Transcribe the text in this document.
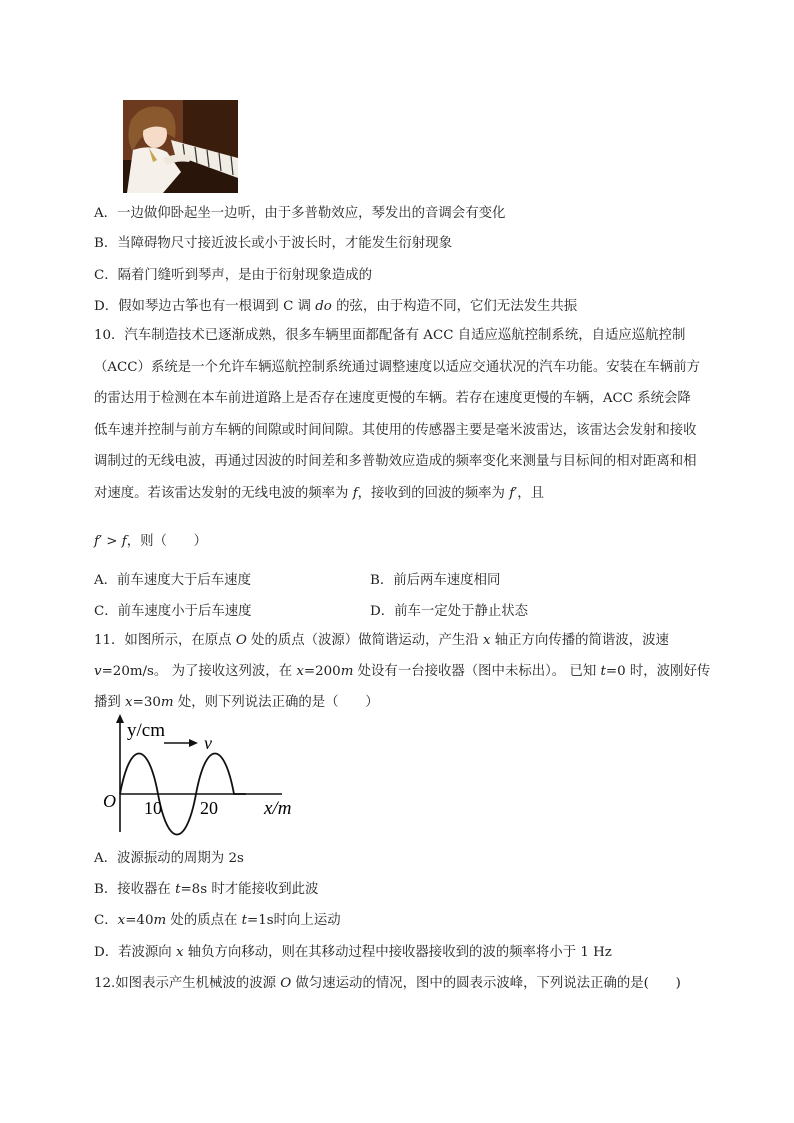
A．一边做仰卧起坐一边听，由于多普勒效应，琴发出的音调会有变化
B．当障碍物尺寸接近波长或小于波长时，才能发生衍射现象
C．隔着门缝听到琴声，是由于衍射现象造成的
D．假如琴边古筝也有一根调到 C 调 do 的弦，由于构造不同，它们无法发生共振
10．汽车制造技术已逐渐成熟，很多车辆里面都配备有 ACC 自适应巡航控制系统，自适应巡航控制（ACC）系统是一个允许车辆巡航控制系统通过调整速度以适应交通状况的汽车功能。安装在车辆前方的雷达用于检测在本车前进道路上是否存在速度更慢的车辆。若存在速度更慢的车辆，ACC 系统会降低车速并控制与前方车辆的间隙或时间间隙。其使用的传感器主要是毫米波雷达，该雷达会发射和接收调制过的无线电波，再通过因波的时间差和多普勒效应造成的频率变化来测量与目标间的相对距离和相对速度。若该雷达发射的无线电波的频率为 f，接收到的回波的频率为 f′，且
f′ > f，则（　　）
A．前车速度大于后车速度	B．前后两车速度相同
C．前车速度小于后车速度	D．前车一定处于静止状态
11．如图所示，在原点 O 处的质点（波源）做简谐运动，产生沿 x 轴正方向传播的简谐波，波速
v=20m/s。 为了接收这列波，在 x=200m 处设有一台接收器（图中未标出）。 已知 t=0 时，波刚好传
播到 x=30m 处，则下列说法正确的是（　　）
y/cm
v
O 10 20 x/m
A．波源振动的周期为 2s
B．接收器在 t=8s 时才能接收到此波
C．x=40m 处的质点在 t=1s时向上运动
D．若波源向 x 轴负方向移动，则在其移动过程中接收器接收到的波的频率将小于 1 Hz
12.如图表示产生机械波的波源 O 做匀速运动的情况，图中的圆表示波峰，下列说法正确的是(　　)
